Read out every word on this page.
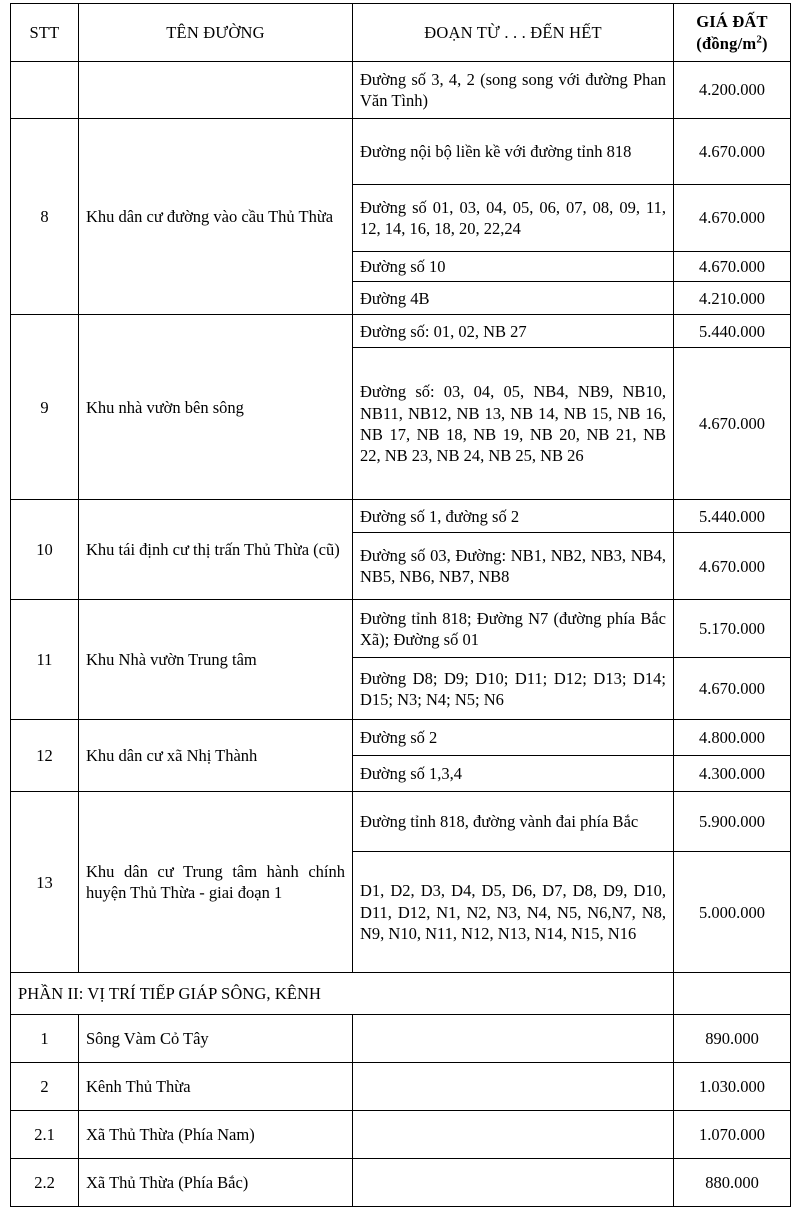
STT	TÊN ĐƯỜNG	ĐOẠN TỪ . . . ĐẾN HẾT	GIÁ ĐẤT
$(đồng/m^2)$

		Đường số 3, 4, 2 (song song với đường Phan Văn Tình)	4.200.000
8	Khu dân cư đường vào cầu Thủ Thừa	Đường nội bộ liền kề với đường tỉnh 818	4.670.000
		Đường số 01, 03, 04, 05, 06, 07, 08, 09, 11, 12, 14, 16, 18, 20, 22,24	4.670.000
		Đường số 10	4.670.000
		Đường 4B	4.210.000
9	Khu nhà vườn bên sông	Đường số: 01, 02, NB 27	5.440.000
		Đường số: 03, 04, 05, NB4, NB9, NB10, NB11, NB12, NB 13, NB 14, NB 15, NB 16, NB 17, NB 18, NB 19, NB 20, NB 21, NB 22, NB 23, NB 24, NB 25, NB 26	4.670.000
10	Khu tái định cư thị trấn Thủ Thừa (cũ)	Đường số 1, đường số 2	5.440.000
		Đường số 03, Đường: NB1, NB2, NB3, NB4, NB5, NB6, NB7, NB8	4.670.000
11	Khu Nhà vườn Trung tâm	Đường tỉnh 818; Đường N7 (đường phía Bắc Xã); Đường số 01	5.170.000
		Đường D8; D9; D10; D11; D12; D13; D14; D15; N3; N4; N5; N6	4.670.000
12	Khu dân cư xã Nhị Thành	Đường số 2	4.800.000
		Đường số 1,3,4	4.300.000
13	Khu dân cư Trung tâm hành chính huyện Thủ Thừa - giai đoạn 1	Đường tỉnh 818, đường vành đai phía Bắc	5.900.000
		D1, D2, D3, D4, D5, D6, D7, D8, D9, D10, D11, D12, N1, N2, N3, N4, N5, N6,N7, N8, N9, N10, N11, N12, N13, N14, N15, N16	5.000.000
PHẦN II: VỊ TRÍ TIẾP GIÁP SÔNG, KÊNH			
1	Sông Vàm Cỏ Tây		890.000
2	Kênh Thủ Thừa		1.030.000
2.1	Xã Thủ Thừa (Phía Nam)		1.070.000
2.2	Xã Thủ Thừa (Phía Bắc)		880.000
